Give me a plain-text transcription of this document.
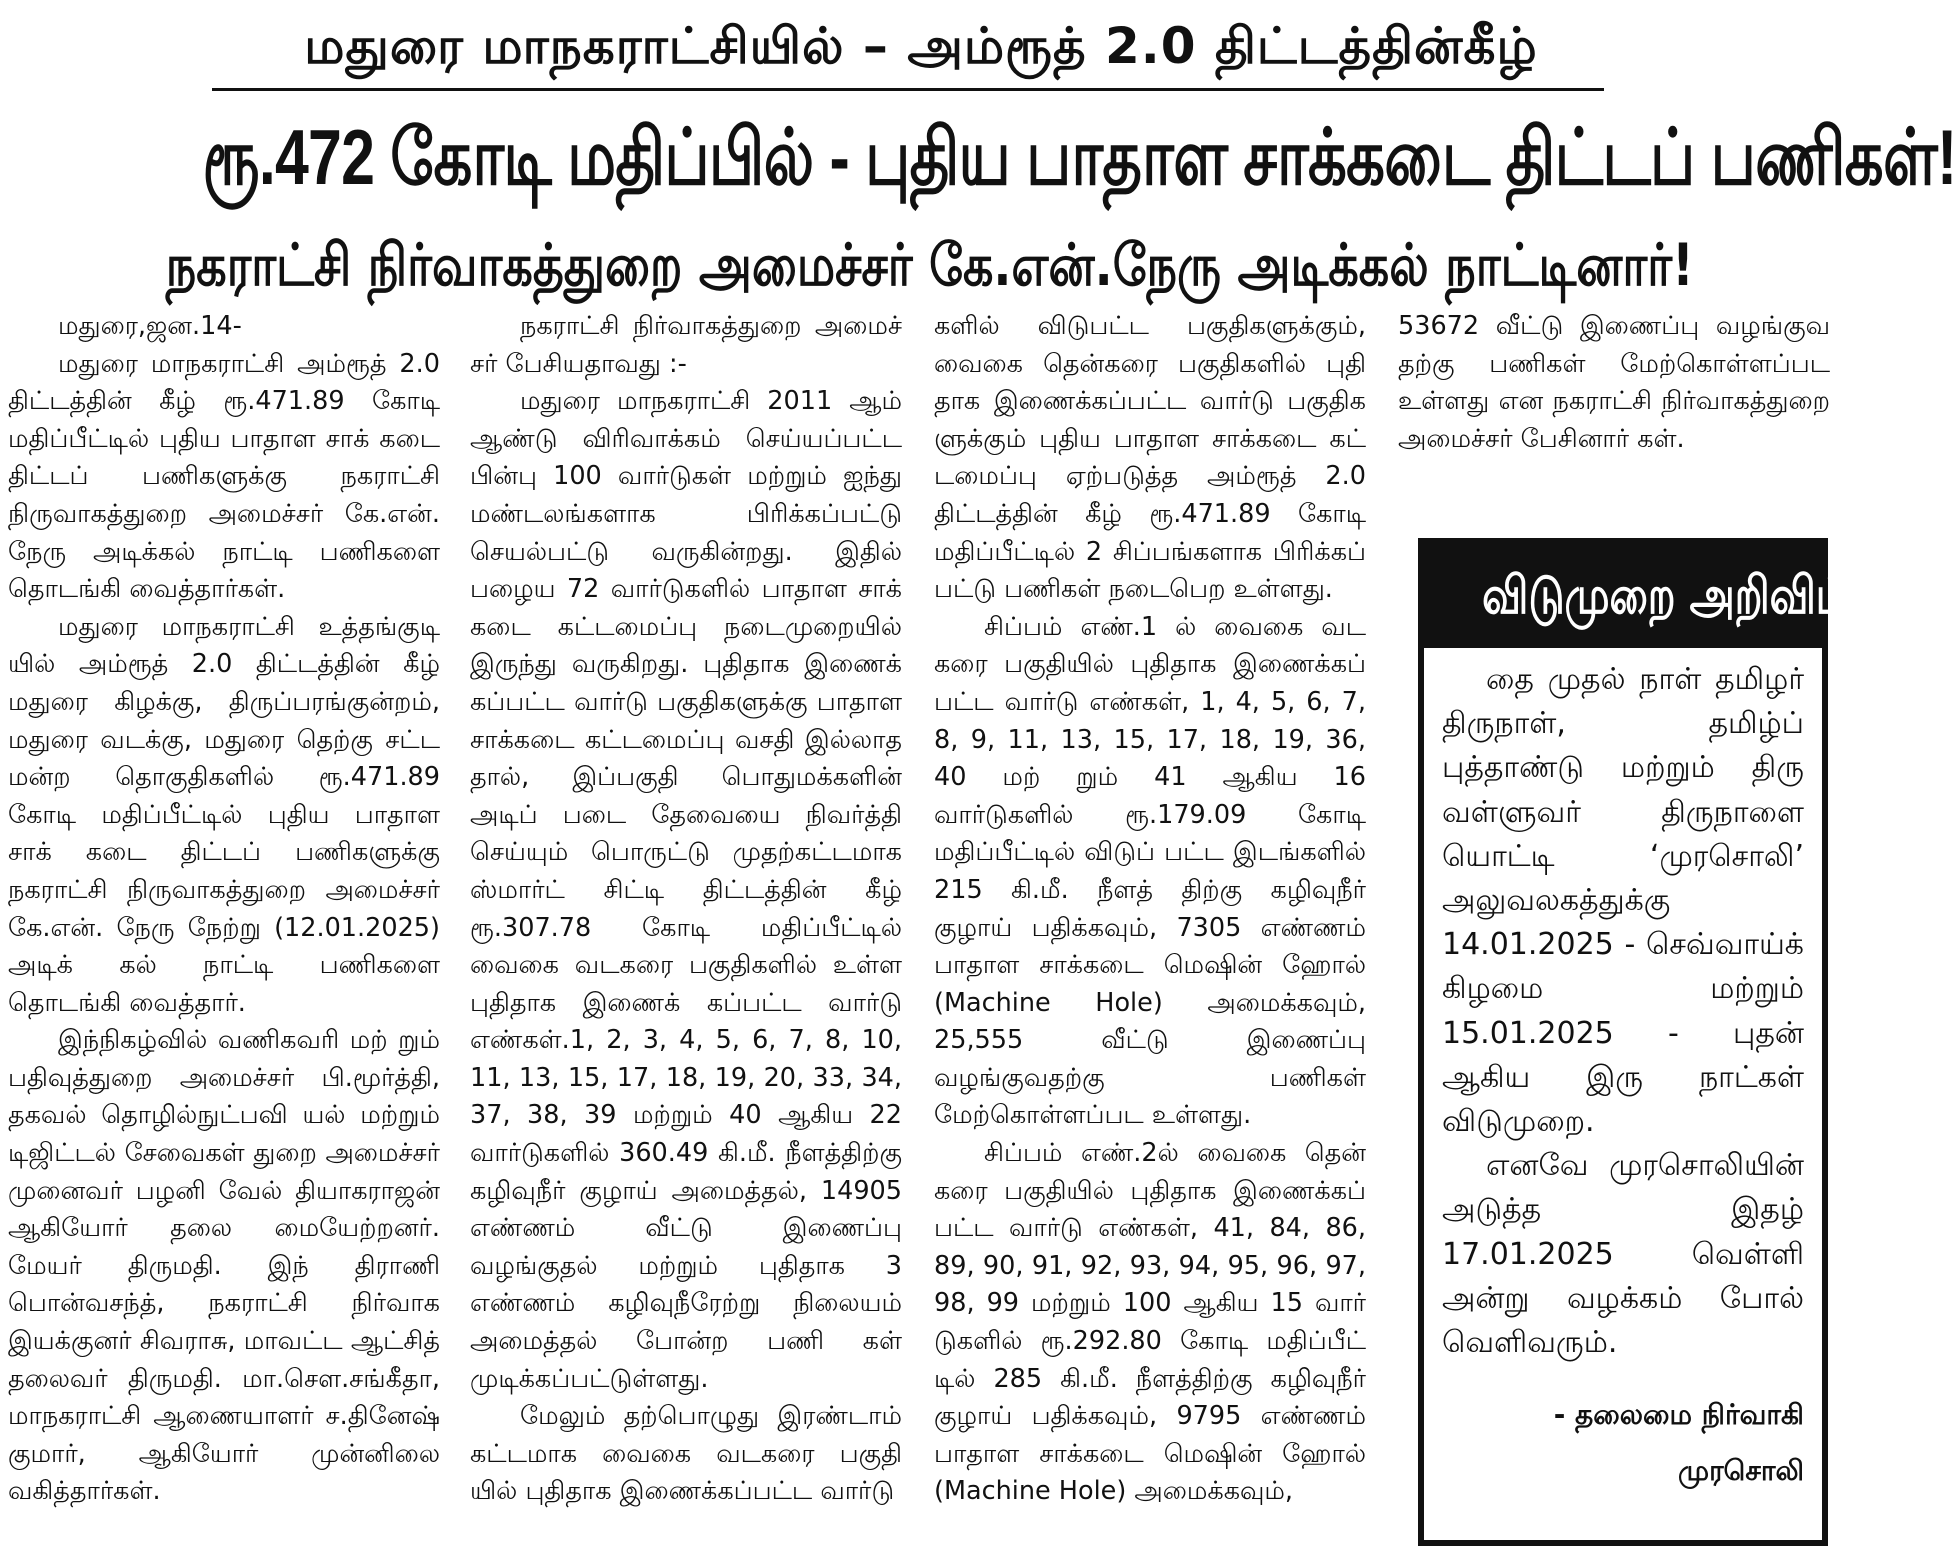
மதுரை மாநகராட்சியில் – அம்ரூத் 2.0 திட்டத்தின்கீழ்
ரூ.472 கோடி மதிப்பில் - புதிய பாதாள சாக்கடை திட்டப் பணிகள்!
நகராட்சி நிர்வாகத்துறை அமைச்சர் கே.என்.நேரு அடிக்கல் நாட்டினார்!

மதுரை,ஜன.14-

மதுரை மாநகராட்சி அம்ரூத் 2.0 திட்டத்தின் கீழ் ரூ.471.89 கோடி மதிப்பீட்டில் புதிய பாதாள சாக் கடை திட்டப் பணிகளுக்கு நகராட்சி நிருவாகத்துறை அமைச்சர் கே.என். நேரு அடிக்கல் நாட்டி பணிகளை தொடங்கி வைத்தார்கள்.

மதுரை மாநகராட்சி உத்தங்குடி யில் அம்ரூத் 2.0 திட்டத்தின் கீழ் மதுரை கிழக்கு, திருப்பரங்குன்றம், மதுரை வடக்கு, மதுரை தெற்கு சட்ட மன்ற தொகுதிகளில் ரூ.471.89 கோடி மதிப்பீட்டில் புதிய பாதாள சாக் கடை திட்டப் பணிகளுக்கு நகராட்சி நிருவாகத்துறை அமைச்சர் கே.என். நேரு நேற்று (12.01.2025) அடிக் கல் நாட்டி பணிகளை தொடங்கி வைத்தார்.

இந்நிகழ்வில் வணிகவரி மற் றும் பதிவுத்துறை அமைச்சர் பி.மூர்த்தி, தகவல் தொழில்நுட்பவி யல் மற்றும் டிஜிட்டல் சேவைகள் துறை அமைச்சர் முனைவர் பழனி வேல் தியாகராஜன் ஆகியோர் தலை மையேற்றனர். மேயர் திருமதி. இந் திராணி பொன்வசந்த், நகராட்சி நிர்வாக இயக்குனர் சிவராசு, மாவட்ட ஆட்சித் தலைவர் திருமதி. மா.செள.சங்கீதா, மாநகராட்சி ஆணையாளர் ச.தினேஷ் குமார், ஆகியோர் முன்னிலை வகித்தார்கள்.

நகராட்சி நிர்வாகத்துறை அமைச் சர் பேசியதாவது :-

மதுரை மாநகராட்சி 2011 ஆம் ஆண்டு விரிவாக்கம் செய்யப்பட்ட பின்பு 100 வார்டுகள் மற்றும் ஐந்து மண்டலங்களாக பிரிக்கப்பட்டு செயல்பட்டு வருகின்றது. இதில் பழைய 72 வார்டுகளில் பாதாள சாக் கடை கட்டமைப்பு நடைமுறையில் இருந்து வருகிறது. புதிதாக இணைக் கப்பட்ட வார்டு பகுதிகளுக்கு பாதாள சாக்கடை கட்டமைப்பு வசதி இல்லாத தால், இப்பகுதி பொதுமக்களின் அடிப் படை தேவையை நிவர்த்தி செய்யும் பொருட்டு முதற்கட்டமாக ஸ்மார்ட் சிட்டி திட்டத்தின் கீழ் ரூ.307.78 கோடி மதிப்பீட்டில் வைகை வடகரை பகுதிகளில் உள்ள புதிதாக இணைக் கப்பட்ட வார்டு எண்கள்.1, 2, 3, 4, 5, 6, 7, 8, 10, 11, 13, 15, 17, 18, 19, 20, 33, 34, 37, 38, 39 மற்றும் 40 ஆகிய 22 வார்டுகளில் 360.49 கி.மீ. நீளத்திற்கு கழிவுநீர் குழாய் அமைத்தல், 14905 எண்ணம் வீட்டு இணைப்பு வழங்குதல் மற்றும் புதிதாக 3 எண்ணம் கழிவுநீரேற்று நிலையம் அமைத்தல் போன்ற பணி கள் முடிக்கப்பட்டுள்ளது.

மேலும் தற்பொழுது இரண்டாம் கட்டமாக வைகை வடகரை பகுதி யில் புதிதாக இணைக்கப்பட்ட வார்டு

களில் விடுபட்ட பகுதிகளுக்கும், வைகை தென்கரை பகுதிகளில் புதி தாக இணைக்கப்பட்ட வார்டு பகுதிக ளுக்கும் புதிய பாதாள சாக்கடை கட் டமைப்பு ஏற்படுத்த அம்ரூத் 2.0 திட்டத்தின் கீழ் ரூ.471.89 கோடி மதிப்பீட்டில் 2 சிப்பங்களாக பிரிக்கப் பட்டு பணிகள் நடைபெற உள்ளது.

சிப்பம் எண்.1 ல் வைகை வட கரை பகுதியில் புதிதாக இணைக்கப் பட்ட வார்டு எண்கள், 1, 4, 5, 6, 7, 8, 9, 11, 13, 15, 17, 18, 19, 36, 40 மற் றும் 41 ஆகிய 16 வார்டுகளில் ரூ.179.09 கோடி மதிப்பீட்டில் விடுப் பட்ட இடங்களில் 215 கி.மீ. நீளத் திற்கு கழிவுநீர் குழாய் பதிக்கவும், 7305 எண்ணம் பாதாள சாக்கடை மெஷின் ஹோல் (Machine Hole) அமைக்கவும், 25,555 வீட்டு இணைப்பு வழங்குவதற்கு பணிகள் மேற்கொள்ளப்பட உள்ளது.

சிப்பம் எண்.2ல் வைகை தென் கரை பகுதியில் புதிதாக இணைக்கப் பட்ட வார்டு எண்கள், 41, 84, 86, 89, 90, 91, 92, 93, 94, 95, 96, 97, 98, 99 மற்றும் 100 ஆகிய 15 வார் டுகளில் ரூ.292.80 கோடி மதிப்பீட் டில் 285 கி.மீ. நீளத்திற்கு கழிவுநீர் குழாய் பதிக்கவும், 9795 எண்ணம் பாதாள சாக்கடை மெஷின் ஹோல் (Machine Hole) அமைக்கவும்,

53672 வீட்டு இணைப்பு வழங்குவ தற்கு பணிகள் மேற்கொள்ளப்பட உள்ளது என நகராட்சி நிர்வாகத்துறை அமைச்சர் பேசினார் கள்.

விடுமுறை அறிவிப்பு!

தை முதல் நாள் தமிழர் திருநாள், தமிழ்ப் புத்தாண்டு மற்றும் திரு வள்ளுவர் திருநாளை யொட்டி ‘முரசொலி’ அலுவலகத்துக்கு 14.01.2025 - செவ்வாய்க் கிழமை மற்றும் 15.01.2025 - புதன் ஆகிய இரு நாட்கள் விடுமுறை.

எனவே முரசொலியின் அடுத்த இதழ் 17.01.2025 வெள்ளி அன்று வழக்கம் போல் வெளிவரும்.

- தலைமை நிர்வாகி
முரசொலி
